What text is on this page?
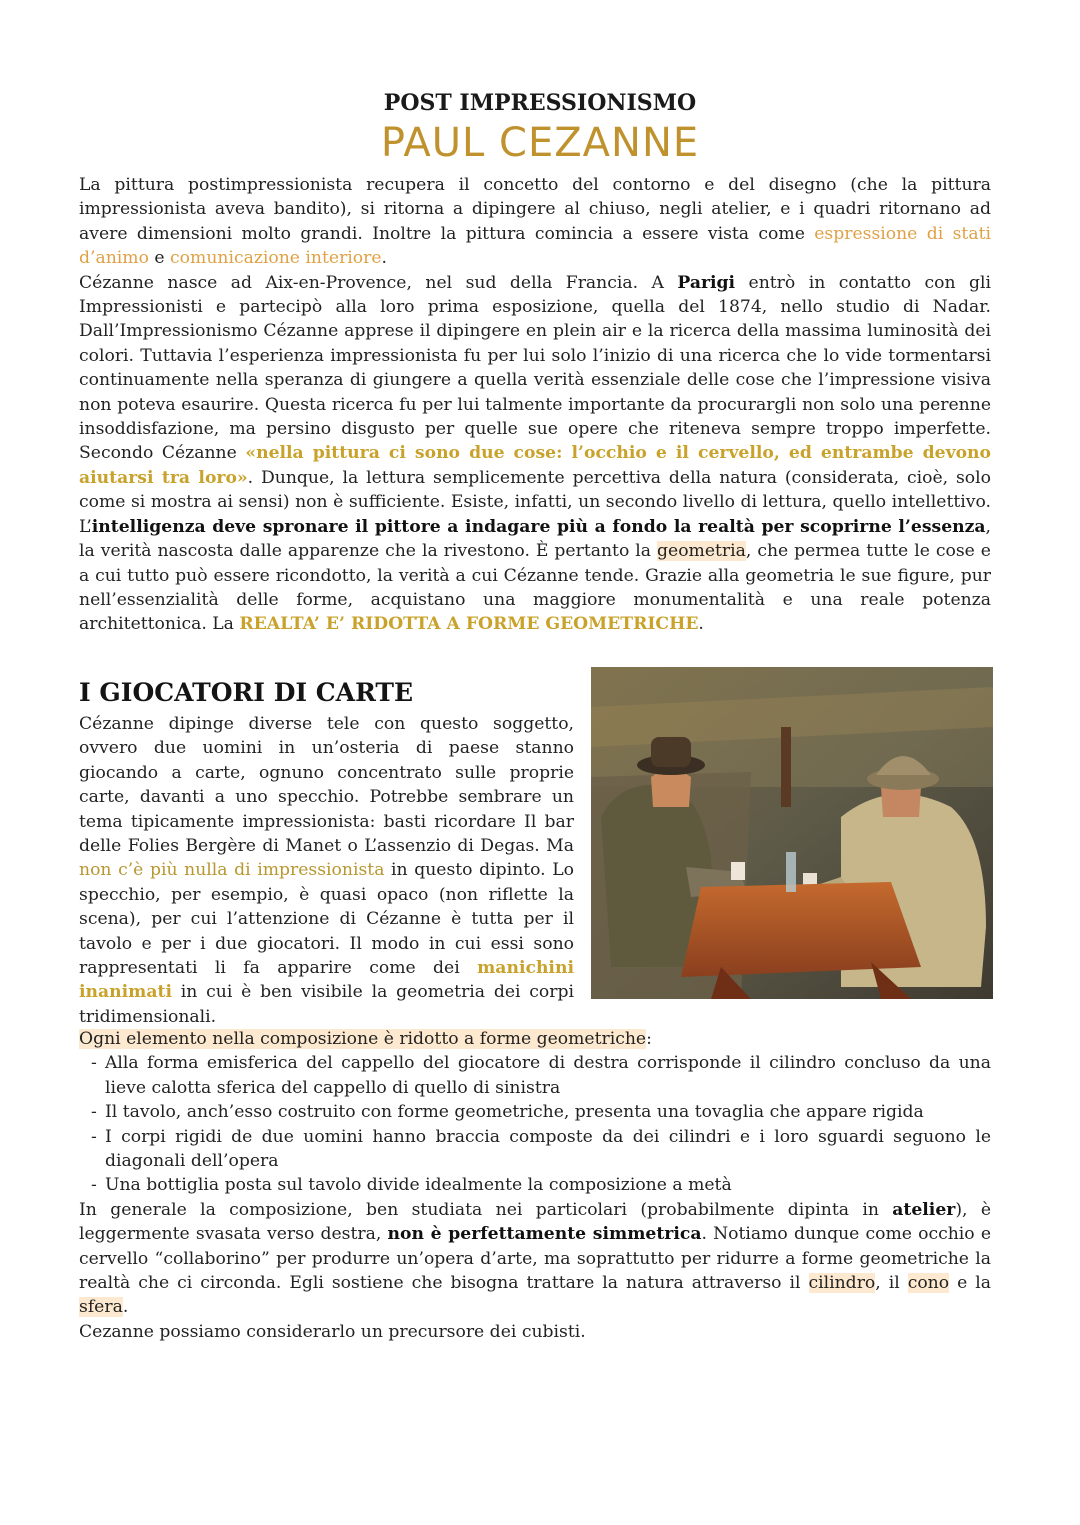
POST IMPRESSIONISMO
PAUL CEZANNE

La pittura postimpressionista recupera il concetto del contorno e del disegno (che la pittura impressionista aveva bandito), si ritorna a dipingere al chiuso, negli atelier, e i quadri ritornano ad avere dimensioni molto grandi. Inoltre la pittura comincia a essere vista come espressione di stati d’animo e comunicazione interiore.

Cézanne nasce ad Aix-en-Provence, nel sud della Francia. A Parigi entrò in contatto con gli Impressionisti e partecipò alla loro prima esposizione, quella del 1874, nello studio di Nadar. Dall’Impressionismo Cézanne apprese il dipingere en plein air e la ricerca della massima luminosità dei colori. Tuttavia l’esperienza impressionista fu per lui solo l’inizio di una ricerca che lo vide tormentarsi continuamente nella speranza di giungere a quella verità essenziale delle cose che l’impressione visiva non poteva esaurire. Questa ricerca fu per lui talmente importante da procurargli non solo una perenne insoddisfazione, ma persino disgusto per quelle sue opere che riteneva sempre troppo imperfette. Secondo Cézanne «nella pittura ci sono due cose: l’occhio e il cervello, ed entrambe devono aiutarsi tra loro». Dunque, la lettura semplicemente percettiva della natura (considerata, cioè, solo come si mostra ai sensi) non è sufficiente. Esiste, infatti, un secondo livello di lettura, quello intellettivo. L’intelligenza deve spronare il pittore a indagare più a fondo la realtà per scoprirne l’essenza, la verità nascosta dalle apparenze che la rivestono. È pertanto la geometria, che permea tutte le cose e a cui tutto può essere ricondotto, la verità a cui Cézanne tende. Grazie alla geometria le sue figure, pur nell’essenzialità delle forme, acquistano una maggiore monumentalità e una reale potenza architettonica. La REALTA’ E’ RIDOTTA A FORME GEOMETRICHE.

I GIOCATORI DI CARTE

Cézanne dipinge diverse tele con questo soggetto, ovvero due uomini in un’osteria di paese stanno giocando a carte, ognuno concentrato sulle proprie carte, davanti a uno specchio. Potrebbe sembrare un tema tipicamente impressionista: basti ricordare Il bar delle Folies Bergère di Manet o L’assenzio di Degas. Ma non c’è più nulla di impressionista in questo dipinto. Lo specchio, per esempio, è quasi opaco (non riflette la scena), per cui l’attenzione di Cézanne è tutta per il tavolo e per i due giocatori. Il modo in cui essi sono rappresentati li fa apparire come dei manichini inanimati in cui è ben visibile la geometria dei corpi tridimensionali.

Ogni elemento nella composizione è ridotto a forme geometriche:

- Alla forma emisferica del cappello del giocatore di destra corrisponde il cilindro concluso da una lieve calotta sferica del cappello di quello di sinistra
- Il tavolo, anch’esso costruito con forme geometriche, presenta una tovaglia che appare rigida
- I corpi rigidi de due uomini hanno braccia composte da dei cilindri e i loro sguardi seguono le diagonali dell’opera
- Una bottiglia posta sul tavolo divide idealmente la composizione a metà

In generale la composizione, ben studiata nei particolari (probabilmente dipinta in atelier), è leggermente svasata verso destra, non è perfettamente simmetrica. Notiamo dunque come occhio e cervello “collaborino” per produrre un’opera d’arte, ma soprattutto per ridurre a forme geometriche la realtà che ci circonda. Egli sostiene che bisogna trattare la natura attraverso il cilindro, il cono e la sfera.

Cezanne possiamo considerarlo un precursore dei cubisti.
